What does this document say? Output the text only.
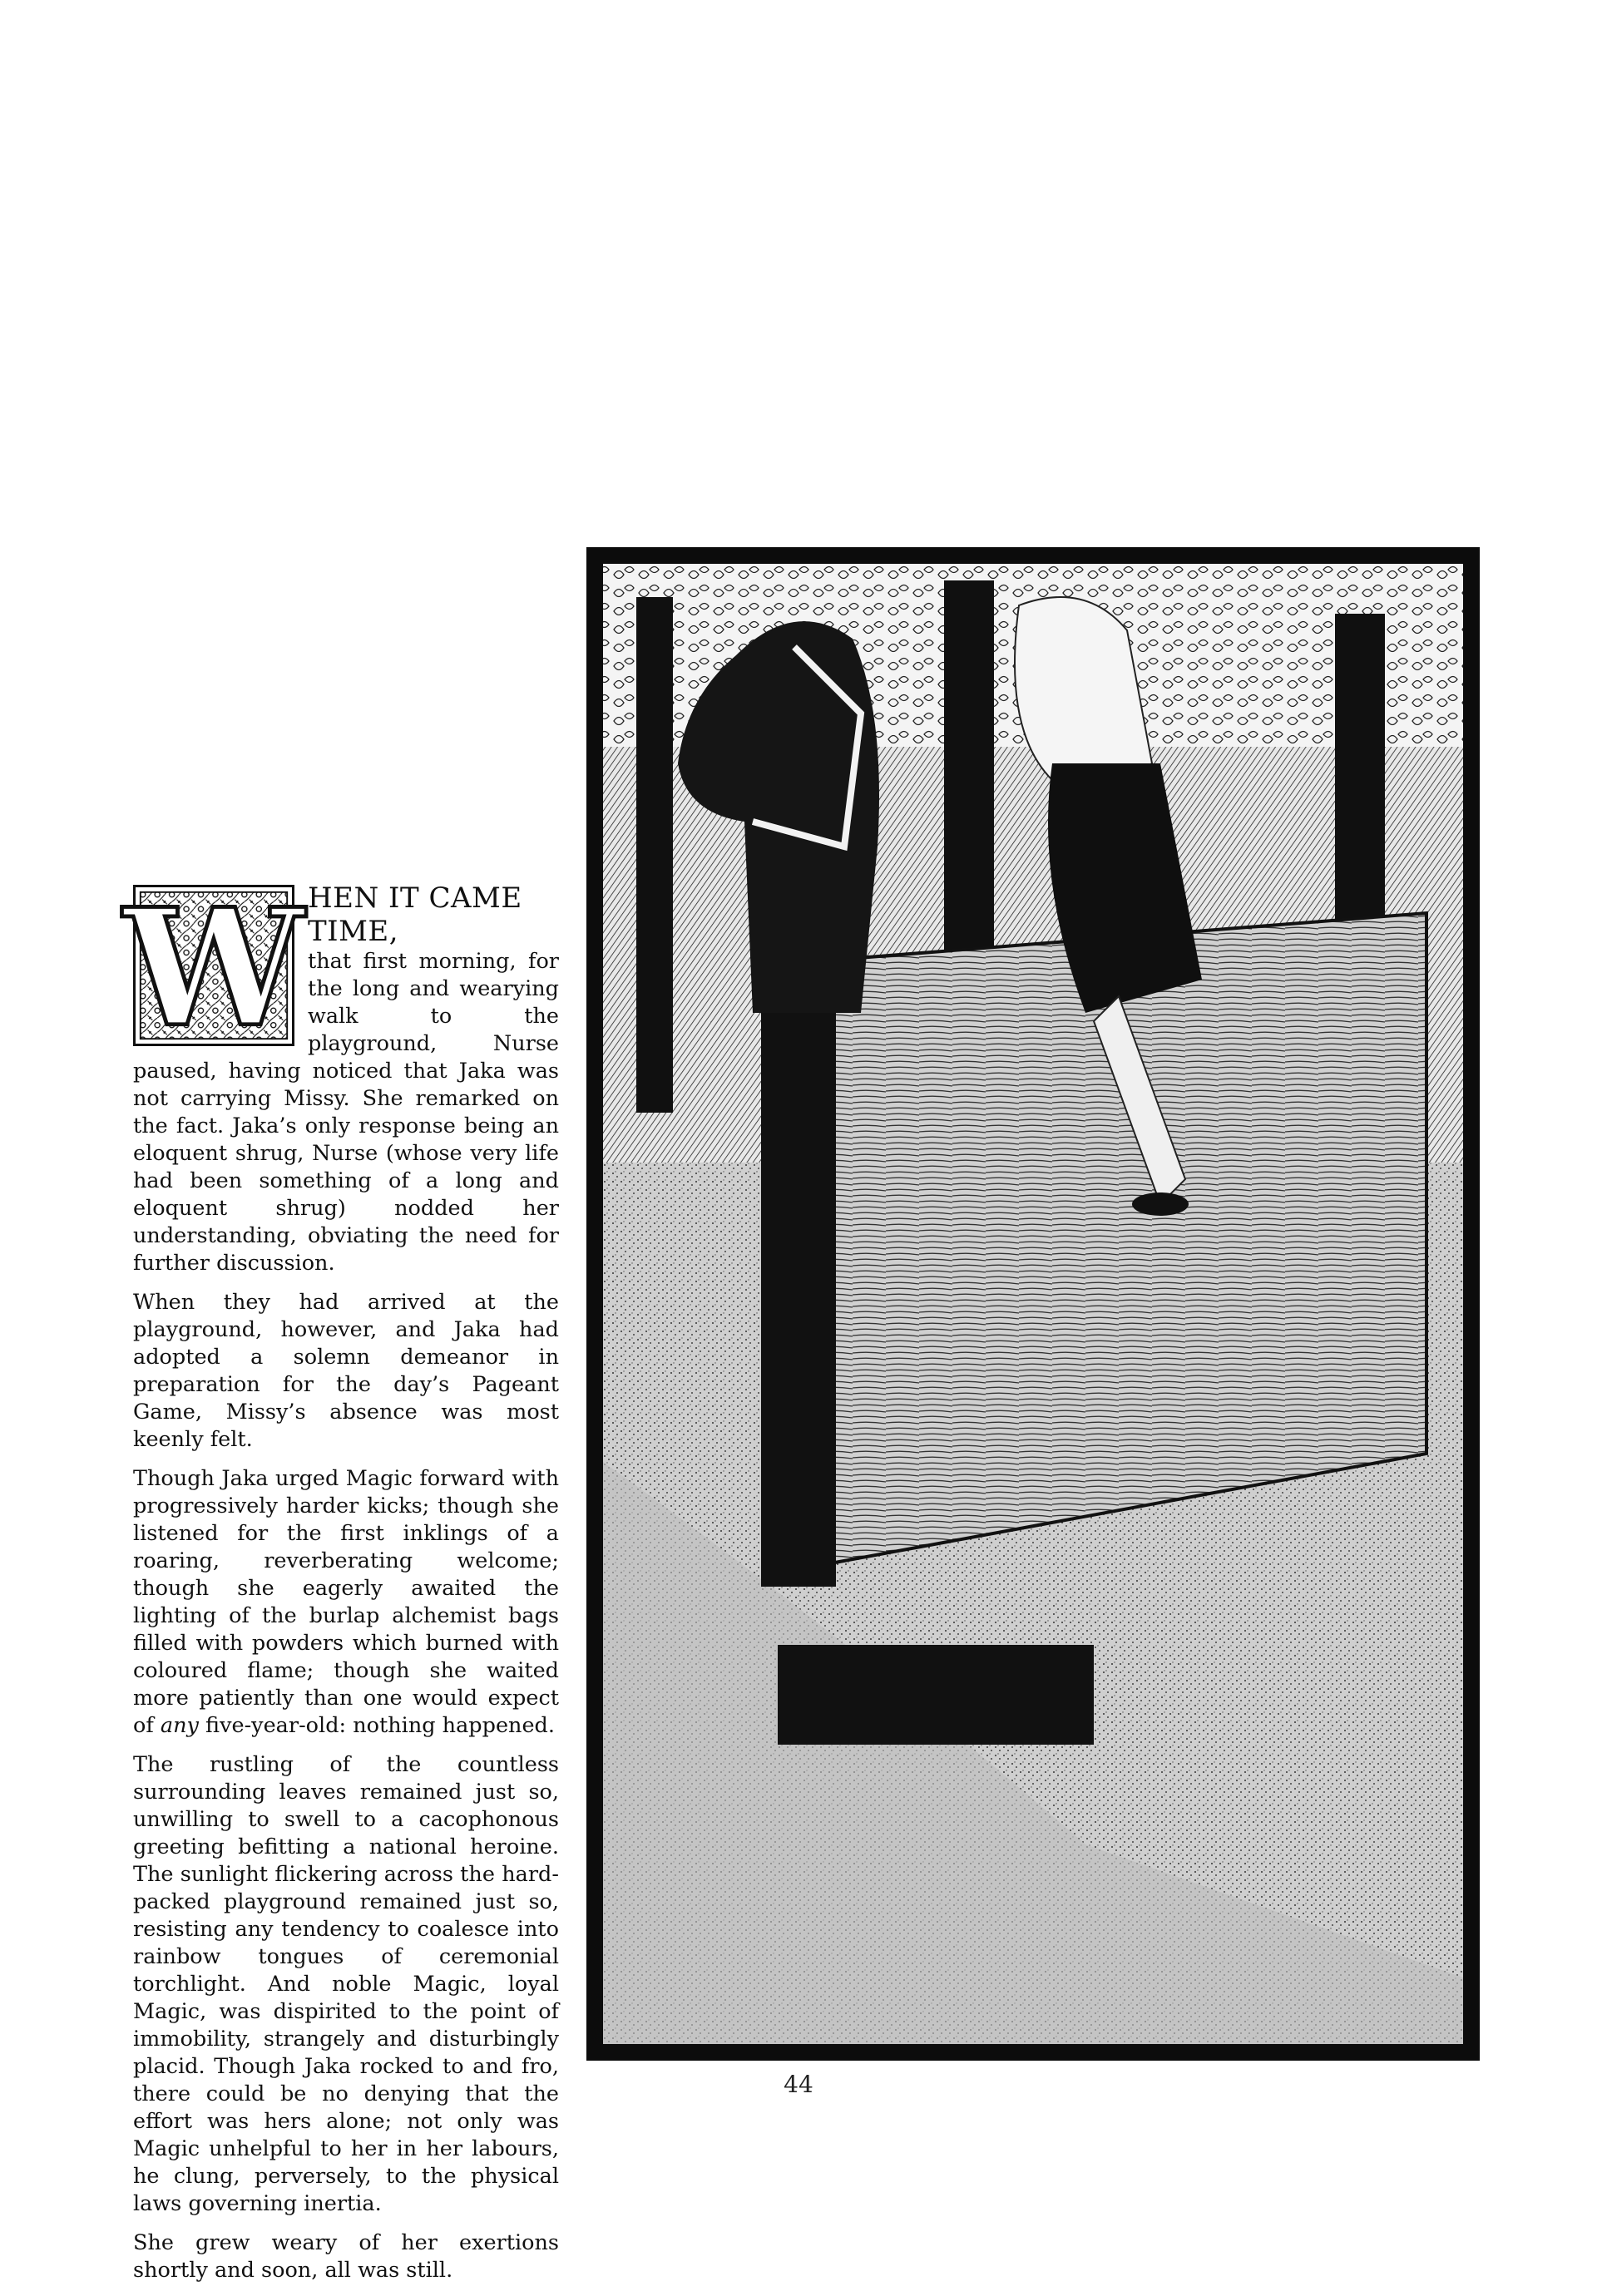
W HEN IT CAME TIME,
that first morning, for the long and wearying walk to the playground, Nurse paused, having noticed that Jaka was not carrying Missy. She remarked on the fact. Jaka’s only response being an eloquent shrug, Nurse (whose very life had been something of a long and eloquent shrug) nodded her understanding, obviating the need for further discussion.

When they had arrived at the playground, however, and Jaka had adopted a solemn demeanor in preparation for the day’s Pageant Game, Missy’s absence was most keenly felt.

Though Jaka urged Magic forward with progressively harder kicks; though she listened for the first inklings of a roaring, reverberating welcome; though she eagerly awaited the lighting of the burlap alchemist bags filled with powders which burned with coloured flame; though she waited more patiently than one would expect of any five-year-old: nothing happened.

The rustling of the countless surrounding leaves remained just so, unwilling to swell to a cacophonous greeting befitting a national heroine. The sunlight flickering across the hard-packed playground remained just so, resisting any tendency to coalesce into rainbow tongues of ceremonial torchlight. And noble Magic, loyal Magic, was dispirited to the point of immobility, strangely and disturbingly placid. Though Jaka rocked to and fro, there could be no denying that the effort was hers alone; not only was Magic unhelpful to her in her labours, he clung, perversely, to the physical laws governing inertia.

She grew weary of her exertions shortly and soon, all was still.

44
